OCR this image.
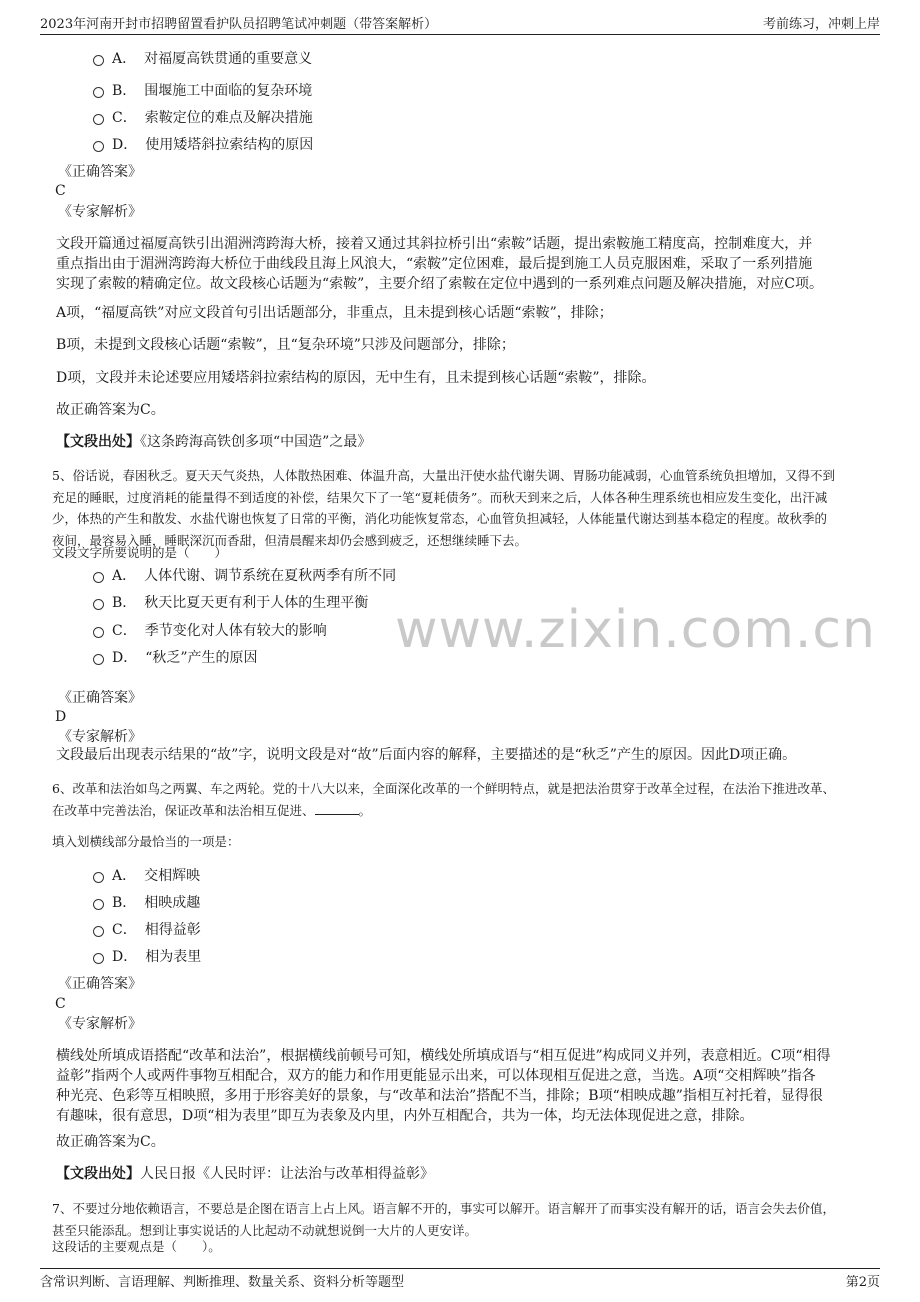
2023年河南开封市招聘留置看护队员招聘笔试冲刺题（带答案解析）	考前练习，冲刺上岸
www.zixin.com.cn
A． 对福厦高铁贯通的重要意义
B． 围堰施工中面临的复杂环境
C． 索鞍定位的难点及解决措施
D． 使用矮塔斜拉索结构的原因
《正确答案》
C
《专家解析》
文段开篇通过福厦高铁引出湄洲湾跨海大桥，接着又通过其斜拉桥引出“索鞍”话题，提出索鞍施工精度高，控制难度大，并
重点指出由于湄洲湾跨海大桥位于曲线段且海上风浪大，“索鞍”定位困难，最后提到施工人员克服困难，采取了一系列措施
实现了索鞍的精确定位。故文段核心话题为“索鞍”，主要介绍了索鞍在定位中遇到的一系列难点问题及解决措施，对应C项。
A项，“福厦高铁”对应文段首句引出话题部分，非重点，且未提到核心话题“索鞍”，排除；
B项，未提到文段核心话题“索鞍”，且“复杂环境”只涉及问题部分，排除；
D项，文段并未论述要应用矮塔斜拉索结构的原因，无中生有，且未提到核心话题“索鞍”，排除。
故正确答案为C。
【文段出处】《这条跨海高铁创多项“中国造”之最》
5、俗话说，春困秋乏。夏天天气炎热，人体散热困难、体温升高，大量出汗使水盐代谢失调、胃肠功能减弱，心血管系统负担增加，又得不到
充足的睡眠，过度消耗的能量得不到适度的补偿，结果欠下了一笔“夏耗债务”。而秋天到来之后，人体各种生理系统也相应发生变化，出汗减
少，体热的产生和散发、水盐代谢也恢复了日常的平衡，消化功能恢复常态，心血管负担减轻，人体能量代谢达到基本稳定的程度。故秋季的
夜间，最容易入睡，睡眠深沉而香甜，但清晨醒来却仍会感到疲乏，还想继续睡下去。
文段文字所要说明的是（　　）
A． 人体代谢、调节系统在夏秋两季有所不同
B． 秋天比夏天更有利于人体的生理平衡
C． 季节变化对人体有较大的影响
D． “秋乏”产生的原因
《正确答案》
D
《专家解析》
文段最后出现表示结果的“故”字，说明文段是对“故”后面内容的解释，主要描述的是“秋乏”产生的原因。因此D项正确。
6、改革和法治如鸟之两翼、车之两轮。党的十八大以来，全面深化改革的一个鲜明特点，就是把法治贯穿于改革全过程，在法治下推进改革、
在改革中完善法治，保证改革和法治相互促进、	。
填入划横线部分最恰当的一项是：
A． 交相辉映
B． 相映成趣
C． 相得益彰
D． 相为表里
《正确答案》
C
《专家解析》
横线处所填成语搭配“改革和法治”，根据横线前顿号可知，横线处所填成语与“相互促进”构成同义并列，表意相近。C项“相得
益彰”指两个人或两件事物互相配合，双方的能力和作用更能显示出来，可以体现相互促进之意，当选。A项“交相辉映”指各
种光亮、色彩等互相映照，多用于形容美好的景象，与“改革和法治”搭配不当，排除；B项“相映成趣”指相互衬托着，显得很
有趣味，很有意思，D项“相为表里”即互为表象及内里，内外互相配合，共为一体，均无法体现促进之意，排除。
故正确答案为C。
【文段出处】人民日报《人民时评：让法治与改革相得益彰》
7、不要过分地依赖语言，不要总是企图在语言上占上风。语言解不开的，事实可以解开。语言解开了而事实没有解开的话，语言会失去价值，
甚至只能添乱。想到让事实说话的人比起动不动就想说倒一大片的人更安详。
这段话的主要观点是（　　）。
含常识判断、言语理解、判断推理、数量关系、资料分析等题型	第2页
